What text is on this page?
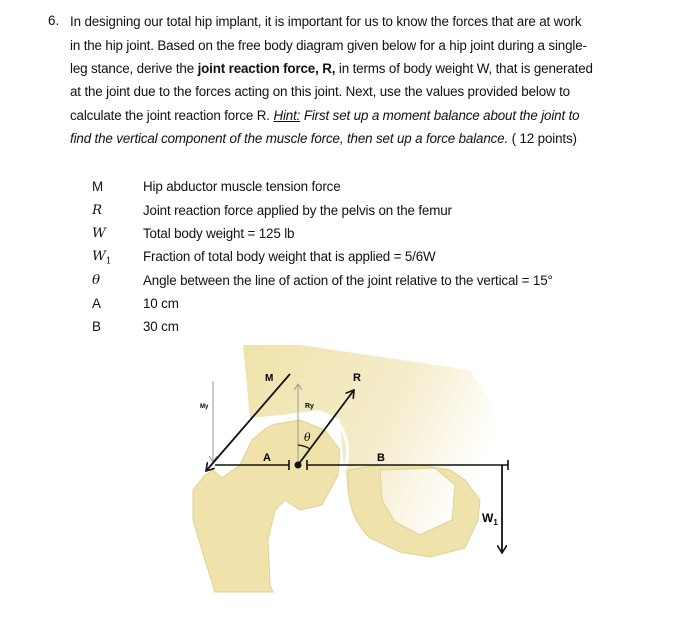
6. In designing our total hip implant, it is important for us to know the forces that are at work
in the hip joint. Based on the free body diagram given below for a hip joint during a single-
leg stance, derive the joint reaction force, R, in terms of body weight W, that is generated
at the joint due to the forces acting on this joint. Next, use the values provided below to
calculate the joint reaction force R. Hint: First set up a moment balance about the joint to
find the vertical component of the muscle force, then set up a force balance. ( 12 points)
M	Hip abductor muscle tension force
R	Joint reaction force applied by the pelvis on the femur
W	Total body weight = 125 lb
$W_1$ Fraction of total body weight that is applied = 5/6W
θ	Angle between the line of action of the joint relative to the vertical = 15°
A	10 cm
B	30 cm
M	R
My	Ry
θ
A	B
$W_1$
